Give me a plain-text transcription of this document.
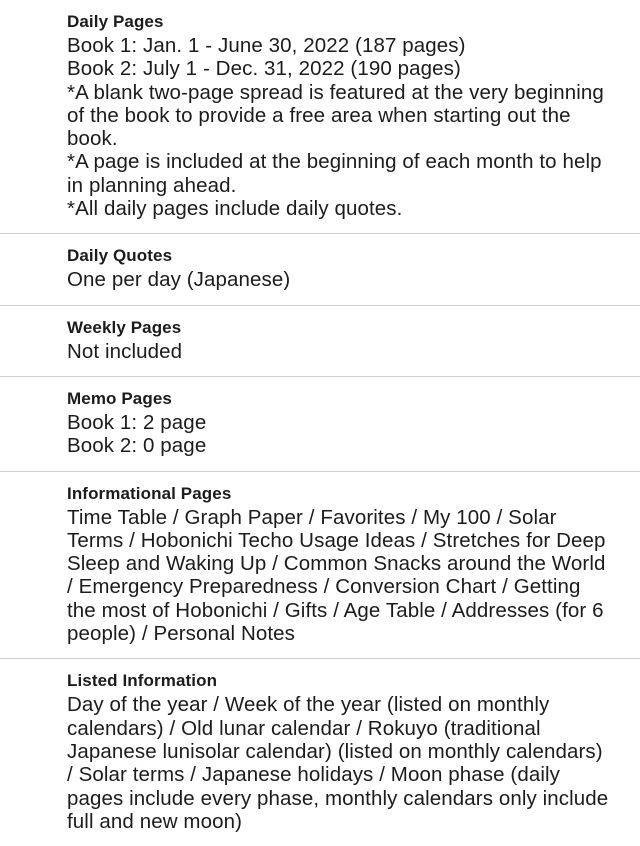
Daily Pages
Book 1: Jan. 1 - June 30, 2022 (187 pages)
Book 2: July 1 - Dec. 31, 2022 (190 pages)
*A blank two-page spread is featured at the very beginning of the book to provide a free area when starting out the book.
*A page is included at the beginning of each month to help in planning ahead.
*All daily pages include daily quotes.
Daily Quotes
One per day (Japanese)
Weekly Pages
Not included
Memo Pages
Book 1: 2 page
Book 2: 0 page
Informational Pages
Time Table / Graph Paper / Favorites / My 100 / Solar Terms / Hobonichi Techo Usage Ideas / Stretches for Deep Sleep and Waking Up / Common Snacks around the World / Emergency Preparedness / Conversion Chart / Getting the most of Hobonichi / Gifts / Age Table / Addresses (for 6 people) / Personal Notes
Listed Information
Day of the year / Week of the year (listed on monthly calendars) / Old lunar calendar / Rokuyo (traditional Japanese lunisolar calendar) (listed on monthly calendars) / Solar terms / Japanese holidays / Moon phase (daily pages include every phase, monthly calendars only include full and new moon)
